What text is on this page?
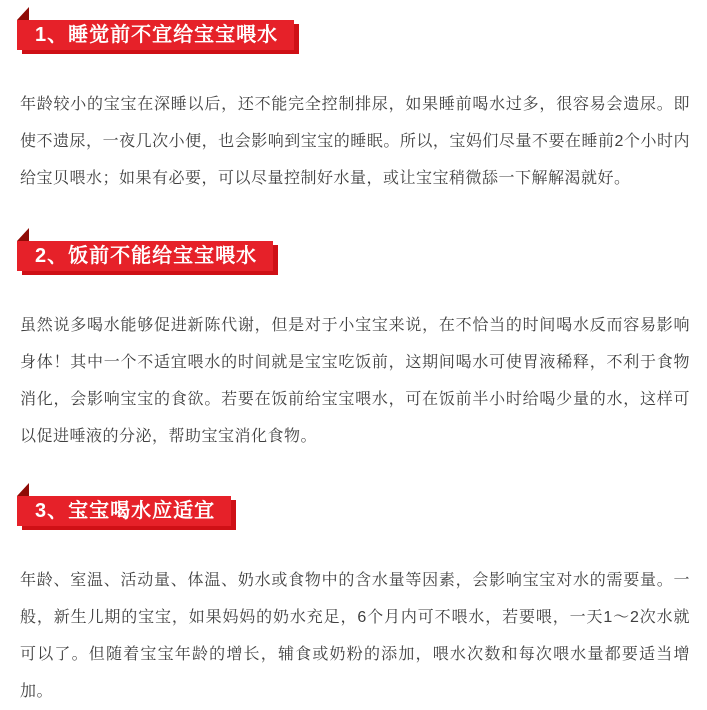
1、睡觉前不宜给宝宝喂水

年龄较小的宝宝在深睡以后，还不能完全控制排尿，如果睡前喝水过多，很容易会遗尿。即使不遗尿，一夜几次小便，也会影响到宝宝的睡眠。所以，宝妈们尽量不要在睡前2个小时内给宝贝喂水；如果有必要，可以尽量控制好水量，或让宝宝稍微舔一下解解渴就好。

2、饭前不能给宝宝喂水

虽然说多喝水能够促进新陈代谢，但是对于小宝宝来说，在不恰当的时间喝水反而容易影响身体！其中一个不适宜喂水的时间就是宝宝吃饭前，这期间喝水可使胃液稀释，不利于食物消化，会影响宝宝的食欲。若要在饭前给宝宝喂水，可在饭前半小时给喝少量的水，这样可以促进唾液的分泌，帮助宝宝消化食物。

3、宝宝喝水应适宜

年龄、室温、活动量、体温、奶水或食物中的含水量等因素，会影响宝宝对水的需要量。一般，新生儿期的宝宝，如果妈妈的奶水充足，6个月内可不喂水，若要喂，一天1～2次水就可以了。但随着宝宝年龄的增长，辅食或奶粉的添加，喂水次数和每次喂水量都要适当增加。
